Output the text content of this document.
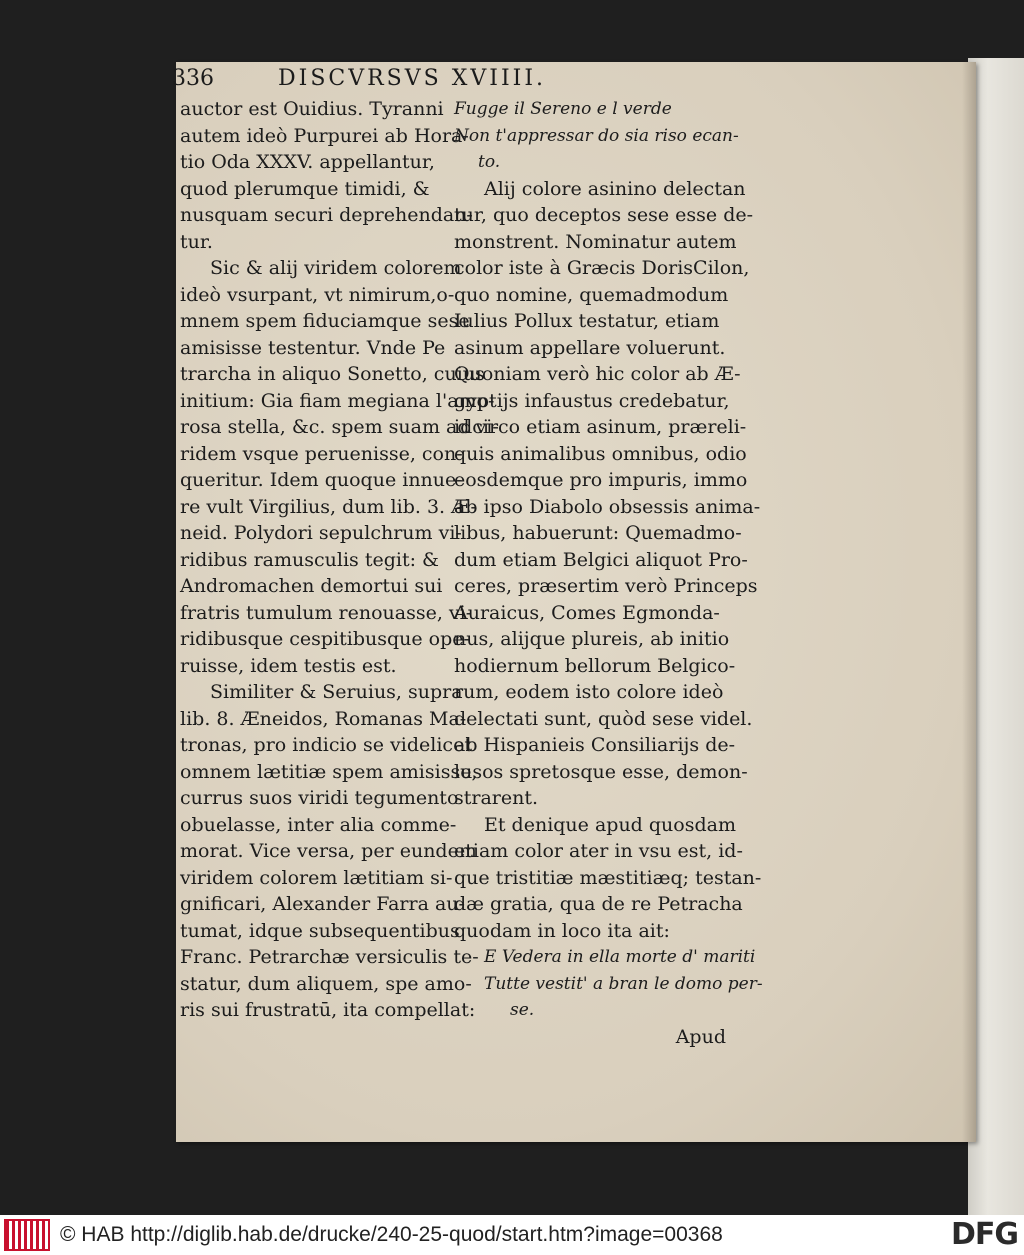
336	DISCVRSVS XVIIII.
auctor est Ouidius. Tyranni
autem ideò Purpurei ab Hora-
tio Oda XXXV. appellantur,
quod plerumque timidi, &
nusquam securi deprehendan-
tur.
Sic & alij viridem colorem
ideò vsurpant, vt nimirum,o-
mnem spem fiduciamque sese
amisisse testentur. Vnde Pe
trarcha in aliquo Sonetto, cuius
initium: Gia fiam megiana l'amo-
rosa stella, &c. spem suam ad vi-
ridem vsque peruenisse, con-
queritur. Idem quoque innue-
re vult Virgilius, dum lib. 3. Æ-
neid. Polydori sepulchrum vi-
ridibus ramusculis tegit: &
Andromachen demortui sui
fratris tumulum renouasse, vi-
ridibusque cespitibusque ope-
ruisse, idem testis est.
Similiter & Seruius, supra
lib. 8. Æneidos, Romanas Ma-
tronas, pro indicio se videlicet
omnem lætitiæ spem amisisse,
currus suos viridi tegumento
obuelasse, inter alia comme-
morat. Vice versa, per eundem
viridem colorem lætitiam si-
gnificari, Alexander Farra au-
tumat, idque subsequentibus
Franc. Petrarchæ versiculis te-
statur, dum aliquem, spe amo-
ris sui frustratū, ita compellat:
Fugge il Sereno e l verde
Non t'appressar do sia riso ecan-
to.
Alij colore asinino delectan
tur, quo deceptos sese esse de-
monstrent. Nominatur autem
color iste à Græcis DorisCilon,
quo nomine, quemadmodum
Iulius Pollux testatur, etiam
asinum appellare voluerunt.
Quoniam verò hic color ab Æ-
gyptijs infaustus credebatur,
idcirco etiam asinum, præreli-
quis animalibus omnibus, odio
eosdemque pro impuris, immo
ab ipso Diabolo obsessis anima-
libus, habuerunt: Quemadmo-
dum etiam Belgici aliquot Pro-
ceres, præsertim verò Princeps
Auraicus, Comes Egmonda-
nus, alijque plureis, ab initio
hodiernum bellorum Belgico-
rum, eodem isto colore ideò
delectati sunt, quòd sese videl.
ab Hispanieis Consiliarijs de-
lusos spretosque esse, demon-
strarent.
Et denique apud quosdam
etiam color ater in vsu est, id-
que tristitiæ mæstitiæq; testan-
dæ gratia, qua de re Petracha
quodam in loco ita ait:
E Vedera in ella morte d' mariti
Tutte vestit' a bran le domo per-
se.
Apud
© HAB http://diglib.hab.de/drucke/240-25-quod/start.htm?image=00368	DFG
